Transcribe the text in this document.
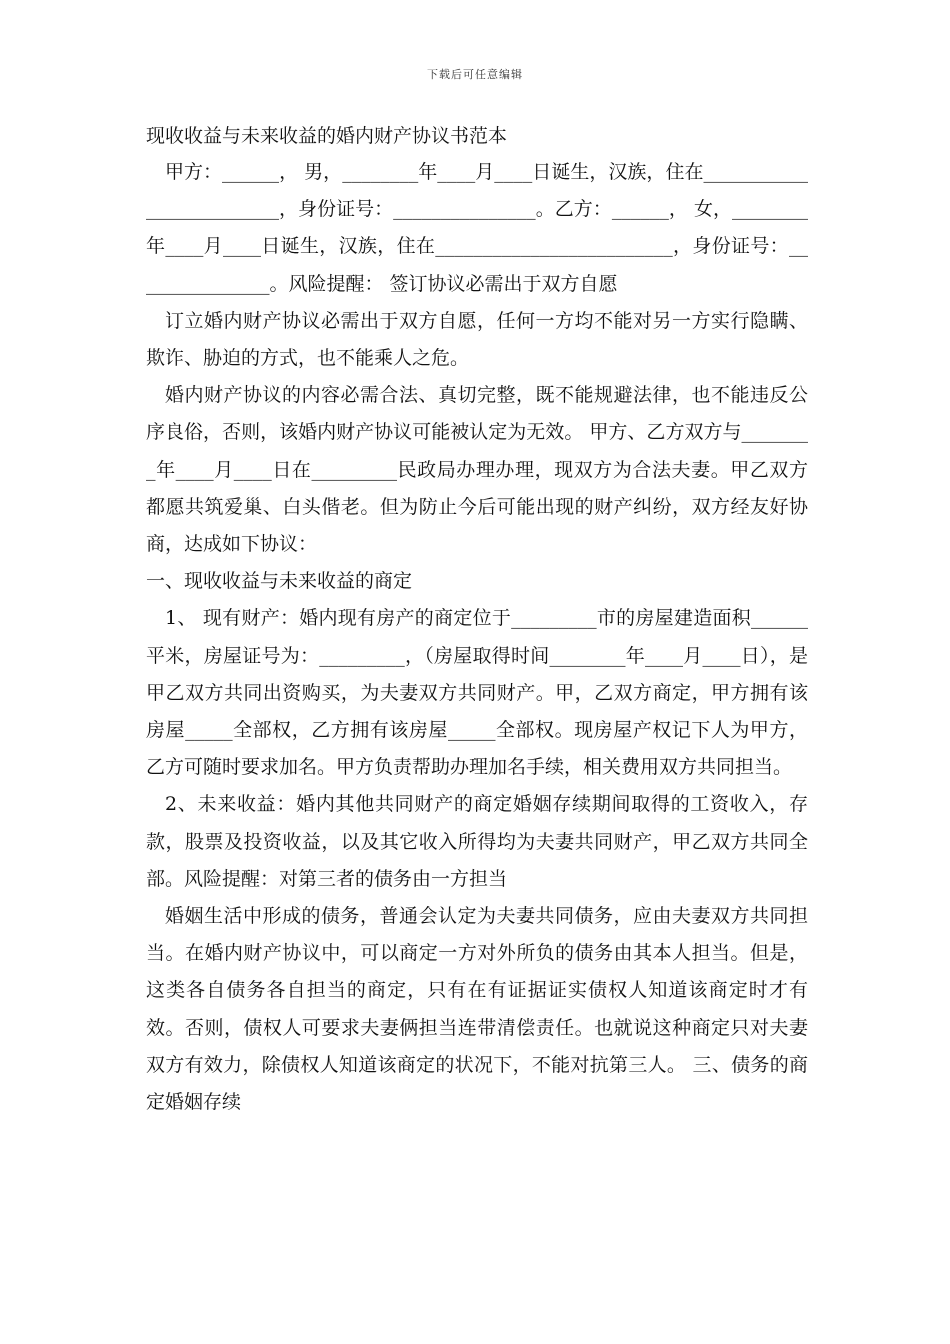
下载后可任意编辑

现收收益与未来收益的婚内财产协议书范本

甲方：______， 男，________年____月____日诞生，汉族，住在_________________________，身份证号：_______________。乙方：______， 女，________年____月____日诞生，汉族，住在_________________________，身份证号：_______________。风险提醒： 签订协议必需出于双方自愿

订立婚内财产协议必需出于双方自愿，任何一方均不能对另一方实行隐瞒、欺诈、胁迫的方式，也不能乘人之危。

婚内财产协议的内容必需合法、真切完整，既不能规避法律，也不能违反公序良俗，否则，该婚内财产协议可能被认定为无效。 甲方、乙方双方与________年____月____日在_________民政局办理办理，现双方为合法夫妻。甲乙双方都愿共筑爱巢、白头偕老。但为防止今后可能出现的财产纠纷，双方经友好协商，达成如下协议：

一、现收收益与未来收益的商定

1、 现有财产：婚内现有房产的商定位于_________市的房屋建造面积______平米，房屋证号为：_________，（房屋取得时间________年____月____日），是甲乙双方共同出资购买，为夫妻双方共同财产。甲，乙双方商定，甲方拥有该房屋_____全部权，乙方拥有该房屋_____全部权。现房屋产权记下人为甲方，乙方可随时要求加名。甲方负责帮助办理加名手续，相关费用双方共同担当。

2、未来收益：婚内其他共同财产的商定婚姻存续期间取得的工资收入，存款，股票及投资收益，以及其它收入所得均为夫妻共同财产，甲乙双方共同全部。风险提醒：对第三者的债务由一方担当

婚姻生活中形成的债务，普通会认定为夫妻共同债务，应由夫妻双方共同担当。在婚内财产协议中，可以商定一方对外所负的债务由其本人担当。但是，这类各自债务各自担当的商定，只有在有证据证实债权人知道该商定时才有效。否则，债权人可要求夫妻俩担当连带清偿责任。也就说这种商定只对夫妻双方有效力，除债权人知道该商定的状况下，不能对抗第三人。 三、债务的商定婚姻存续
